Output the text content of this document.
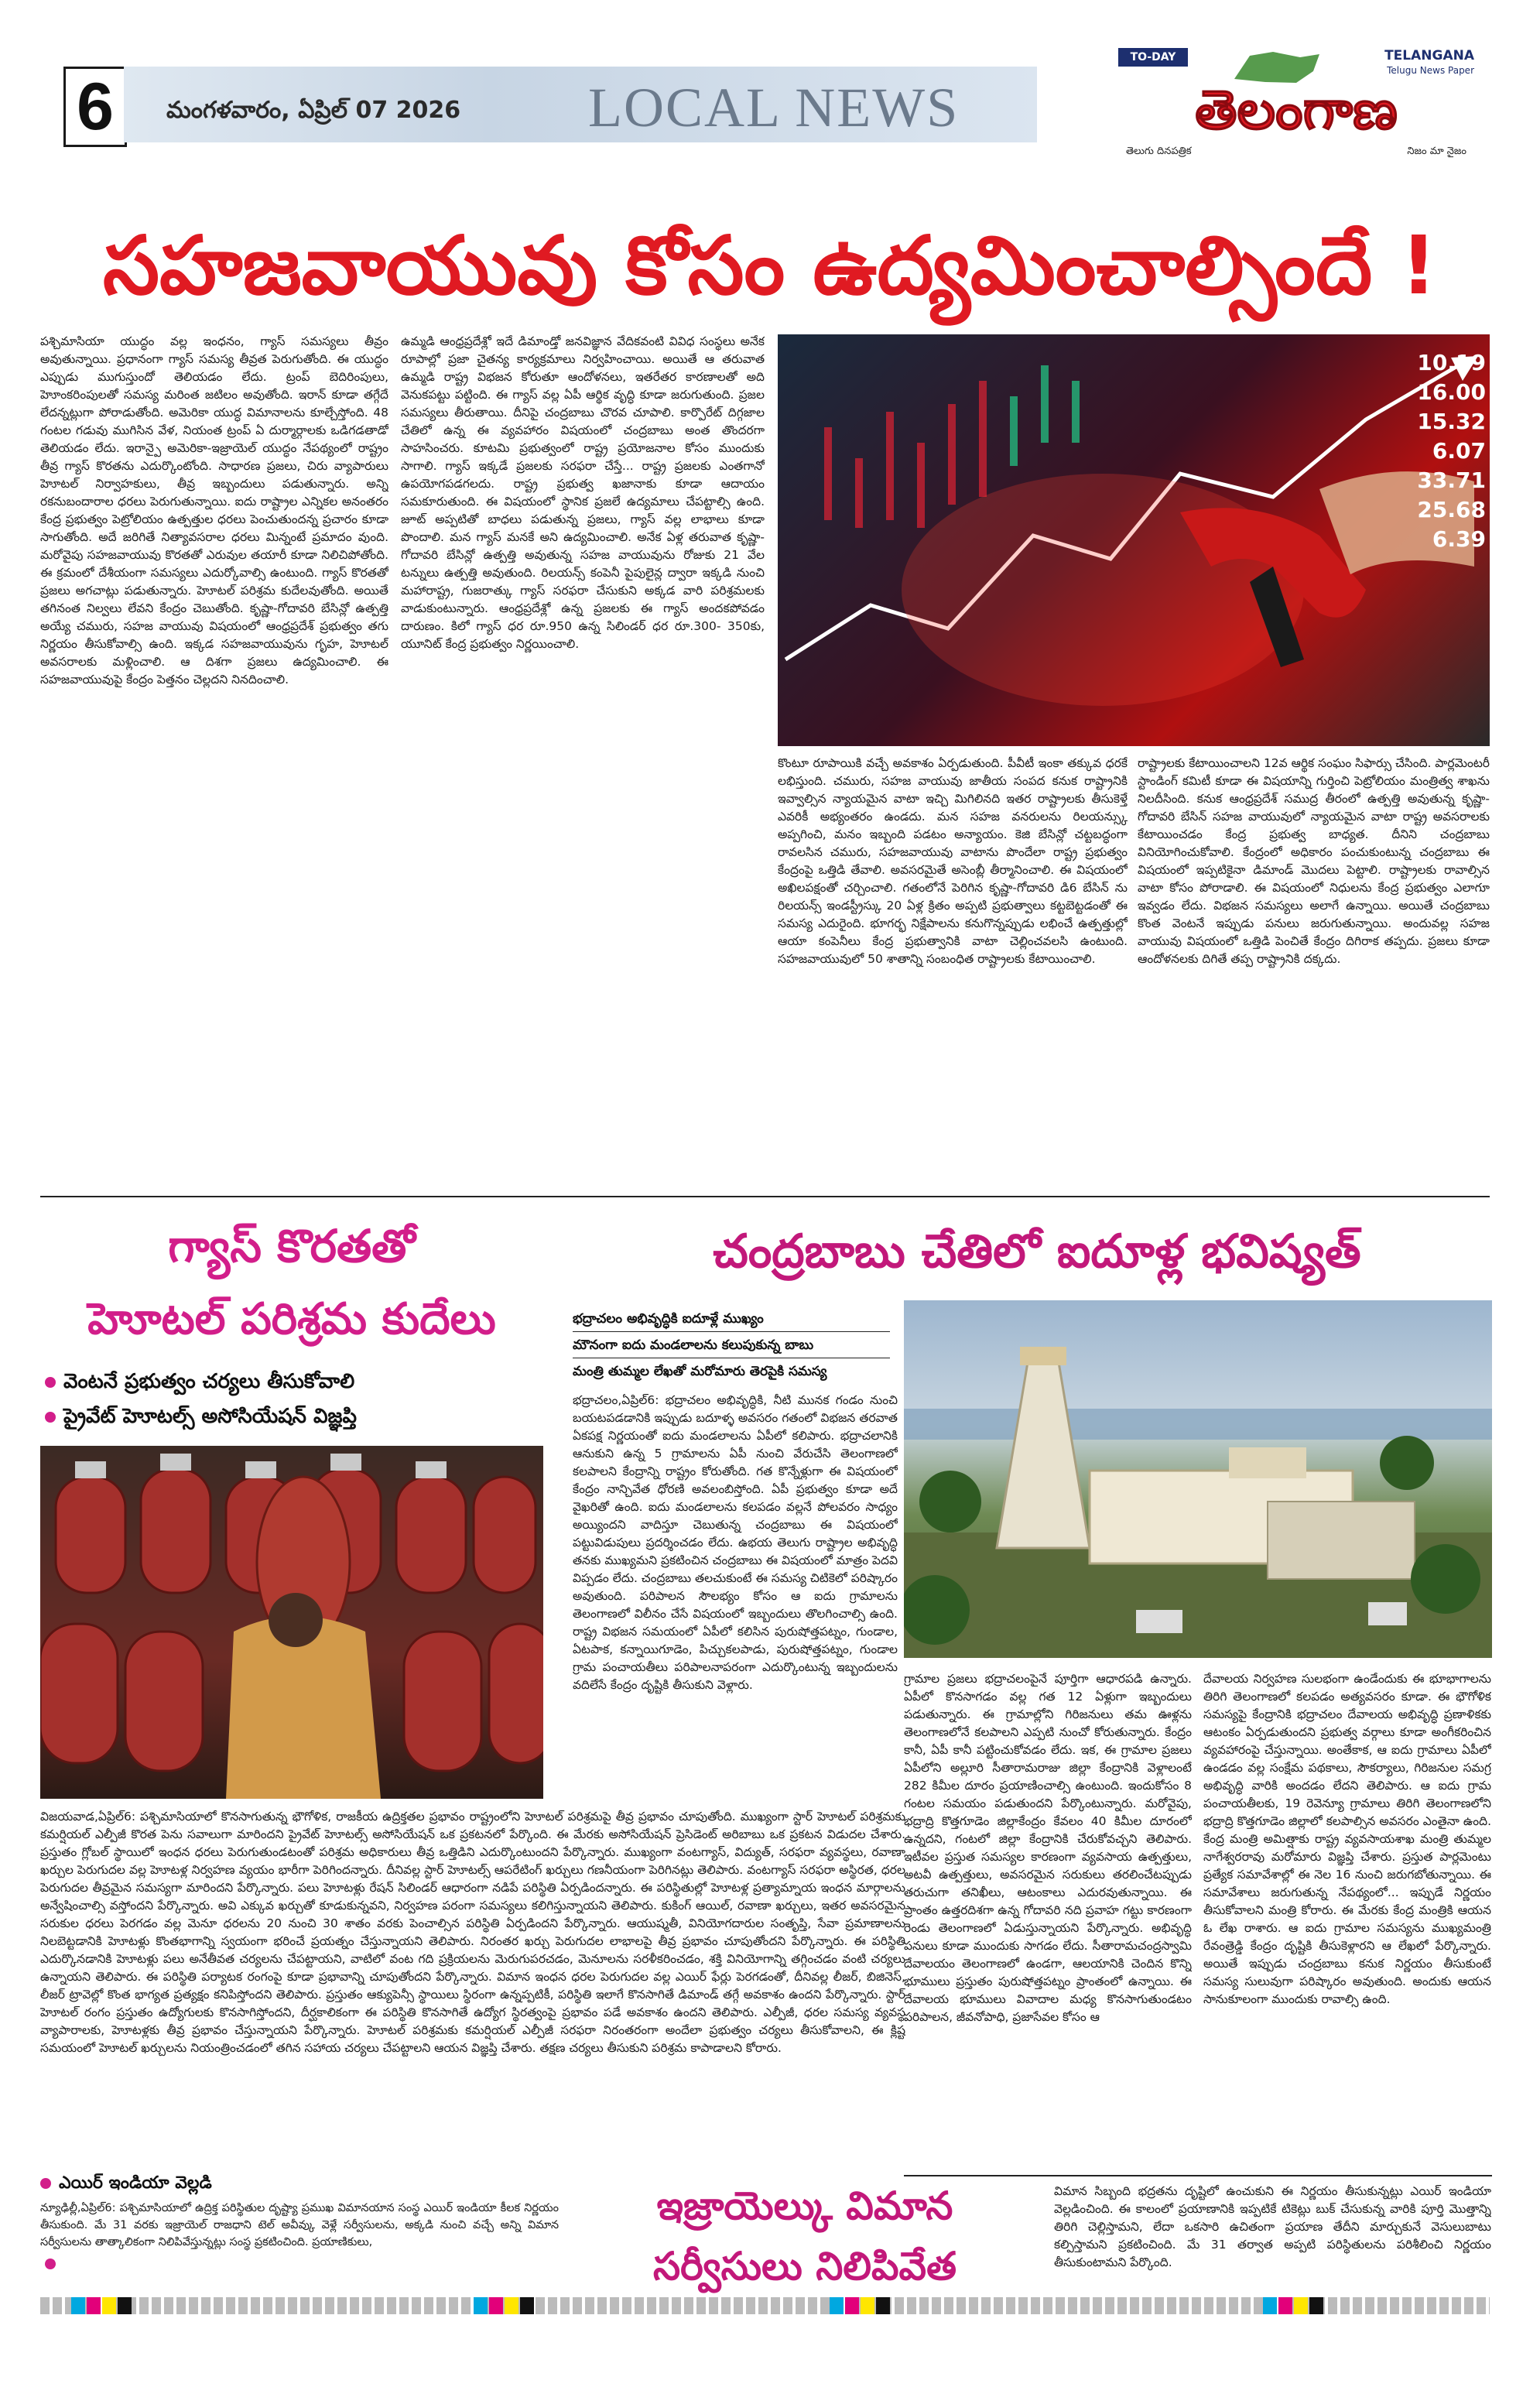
6	మంగళవారం, ఏప్రిల్ 07 2026 LOCAL NEWS
TO-DAY	TELANGANA
Telugu News Paper
తెలంగాణ
తెలుగు దినపత్రిక	నిజం మా నైజం
సహజవాయువు కోసం ఉద్యమించాల్సిందే !

పశ్చిమాసియా యుద్ధం వల్ల ఇంధనం, గ్యాస్ సమస్యలు తీవ్రం అవుతున్నాయి. ప్రధానంగా గ్యాస్ సమస్య తీవ్రత పెరుగుతోంది. ఈ యుద్ధం ఎప్పుడు ముగుస్తుందో తెలియడం లేదు. ట్రంప్ బెదిరింపులు, హెూంకరింపులతో సమస్య మరింత జటిలం అవుతోంది. ఇరాన్ కూడా తగ్గేదే లేదన్నట్లుగా పోరాడుతోంది. అమెరికా యుద్ధ విమానాలను కూల్చేస్తోంది. 48 గంటల గడువు ముగిసిన వేళ, నియంత ట్రంప్ ఏ దుర్మార్గాలకు ఒడిగడతాడో తెలియడం లేదు. ఇరాన్పై అమెరికా-ఇజ్రాయెల్ యుద్ధం నేపథ్యంలో రాష్ట్రం తీవ్ర గ్యాస్ కొరతను ఎదుర్కొంటోంది. సాధారణ ప్రజలు, చిరు వ్యాపారులు హెూటల్ నిర్వాహకులు, తీవ్ర ఇబ్బందులు పడుతున్నారు. అన్ని రకనుబందారాల ధరలు పెరుగుతున్నాయి. ఐదు రాష్ట్రాల ఎన్నికల అనంతరం కేంద్ర ప్రభుత్వం పెట్రోలియం ఉత్పత్తుల ధరలు పెంచుతుందన్న ప్రచారం కూడా సాగుతోంది. అదే జరిగితే నిత్యావసరాల ధరలు మిన్నంటే ప్రమాదం వుంది. మరోవైపు సహజవాయువు కొరతతో ఎరువుల తయారీ కూడా నిలిచిపోతోంది. ఈ క్రమంలో దేశీయంగా సమస్యలు ఎదుర్కోవాల్సి ఉంటుంది. గ్యాస్ కొరతతో ప్రజలు అగచాట్లు పడుతున్నారు. హెూటల్ పరిశ్రమ కుదేలవుతోంది. అయితే తగినంత నిల్వలు లేవని కేంద్రం చెబుతోంది. కృష్ణా-గోదావరి బేసిన్లో ఉత్పత్తి అయ్యే చమురు, సహజ వాయువు విషయంలో ఆంధ్రప్రదేశ్ ప్రభుత్వం తగు నిర్ణయం తీసుకోవాల్సి ఉంది. ఇక్కడ సహజవాయువును గృహ, హెూటల్ అవసరాలకు మళ్లించాలి. ఆ దిశగా ప్రజలు ఉద్యమించాలి. ఈ సహజవాయువుపై కేంద్రం పెత్తనం చెల్లదని నినదించాలి.

ఉమ్మడి ఆంధ్రప్రదేశ్లో ఇదే డిమాండ్తో జనవిజ్ఞాన వేదికవంటి వివిధ సంస్థలు అనేక రూపాల్లో ప్రజా చైతన్య కార్యక్రమాలు నిర్వహించాయి. అయితే ఆ తరువాత ఉమ్మడి రాష్ట్ర విభజన కోరుతూ ఆందోళనలు, ఇతరేతర కారణాలతో అది వెనుకపట్టు పట్టింది. ఈ గ్యాస్ వల్ల ఏపీ ఆర్థిక వృద్ధి కూడా జరుగుతుంది. ప్రజల సమస్యలు తీరుతాయి. దీనిపై చంద్రబాబు చొరవ చూపాలి. కార్పొరేట్ దిగ్గజాల చేతిలో ఉన్న ఈ వ్యవహారం విషయంలో చంద్రబాబు అంత తొందరగా సాహసించరు. కూటమి ప్రభుత్వంలో రాష్ట్ర ప్రయోజనాల కోసం ముందుకు సాగాలి. గ్యాస్ ఇక్కడే ప్రజలకు సరఫరా చేస్తే... రాష్ట్ర ప్రజలకు ఎంతగానో ఉపయోగపడగలదు. రాష్ట్ర ప్రభుత్వ ఖజానాకు కూడా ఆదాయం సమకూరుతుంది. ఈ విషయంలో స్థానిక ప్రజలే ఉద్యమాలు చేపట్టాల్సి ఉంది. జూట్ అప్పటితో బాధలు పడుతున్న ప్రజలు, గ్యాస్ వల్ల లాభాలు కూడా పొందాలి. మన గ్యాస్ మనకే అని ఉద్యమించాలి. అనేక ఏళ్ల తరువాత కృష్ణా-గోదావరి బేసిన్లో ఉత్పత్తి అవుతున్న సహజ వాయువును రోజుకు 21 వేల టన్నులు ఉత్పత్తి అవుతుంది. రిలయన్స్ కంపెనీ పైపులైన్ల ద్వారా ఇక్కడి నుంచి మహారాష్ట్ర, గుజరాత్కు గ్యాస్ సరఫరా చేసుకుని అక్కడ వారి పరిశ్రమలకు వాడుకుంటున్నారు. ఆంధ్రప్రదేశ్లో ఉన్న ప్రజలకు ఈ గ్యాస్ అందకపోవడం దారుణం. కిలో గ్యాస్ ధర రూ.950 ఉన్న సిలిండర్ ధర రూ.300- 350కు, యూనిట్ కేంద్ర ప్రభుత్వం నిర్ణయించాలి.

10.19
16.00
15.32
6.07
33.71
25.68
6.39

కొంటూ రూపాయికి వచ్చే అవకాశం ఏర్పడుతుంది. పీవీటీ ఇంకా తక్కువ ధరకే లభిస్తుంది. చమురు, సహజ వాయువు జాతీయ సంపద కనుక రాష్ట్రానికి ఇవ్వాల్సిన న్యాయమైన వాటా ఇచ్చి మిగిలినది ఇతర రాష్ట్రాలకు తీసుకెళ్తే ఎవరికీ అభ్యంతరం ఉండదు. మన సహజ వనరులను రిలయన్స్కు అప్పగించి, మనం ఇబ్బంది పడటం అన్యాయం. కెజి బేసిన్లో చట్టబద్ధంగా రావలసిన చమురు, సహజవాయువు వాటాను పొందేలా రాష్ట్ర ప్రభుత్వం కేంద్రంపై ఒత్తిడి తేవాలి. అవసరమైతే అసెంబ్లీ తీర్మానించాలి. ఈ విషయంలో అఖిలపక్షంతో చర్చించాలి. గతంలోనే పెరిగిన కృష్ణా-గోదావరి డి6 బేసిన్ ను రిలయన్స్ ఇండస్ట్రీస్కు 20 ఏళ్ల క్రితం అప్పటి ప్రభుత్వాలు కట్టబెట్టడంతో ఈ సమస్య ఎదురైంది. భూగర్భ నిక్షేపాలను కనుగొన్నప్పుడు లభించే ఉత్పత్తుల్లో ఆయా కంపెనీలు కేంద్ర ప్రభుత్వానికి వాటా చెల్లించవలసి ఉంటుంది. సహజవాయువులో 50 శాతాన్ని సంబంధిత రాష్ట్రాలకు కేటాయించాలి.

రాష్ట్రాలకు కేటాయించాలని 12వ ఆర్థిక సంఘం సిఫార్సు చేసింది. పార్లమెంటరీ స్టాండింగ్ కమిటీ కూడా ఈ విషయాన్ని గుర్తించి పెట్రోలియం మంత్రిత్వ శాఖను నిలదీసింది. కనుక ఆంధ్రప్రదేశ్ సముద్ర తీరంలో ఉత్పత్తి అవుతున్న కృష్ణా-గోదావరి బేసిన్ సహజ వాయువులో న్యాయమైన వాటా రాష్ట్ర అవసరాలకు కేటాయించడం కేంద్ర ప్రభుత్వ బాధ్యత. దీనిని చంద్రబాబు వినియోగించుకోవాలి. కేంద్రంలో అధికారం పంచుకుంటున్న చంద్రబాబు ఈ విషయంలో ఇప్పటికైనా డిమాండ్ మొదలు పెట్టాలి. రాష్ట్రాలకు రావాల్సిన వాటా కోసం పోరాడాలి. ఈ విషయంలో నిధులను కేంద్ర ప్రభుత్వం ఎలాగూ ఇవ్వడం లేదు. విభజన సమస్యలు అలాగే ఉన్నాయి. అయితే చంద్రబాబు కొంత వెంటనే ఇప్పుడు పనులు జరుగుతున్నాయి. అందువల్ల సహజ వాయువు విషయంలో ఒత్తిడి పెంచితే కేంద్రం దిగిరాక తప్పదు. ప్రజలు కూడా ఆందోళనలకు దిగితే తప్ప రాష్ట్రానికి దక్కదు.

గ్యాస్ కొరతతో
హెూటల్ పరిశ్రమ కుదేలు
వెంటనే ప్రభుత్వం చర్యలు తీసుకోవాలి
ప్రైవేట్ హెూటల్స్ అసోసియేషన్ విజ్ఞప్తి

విజయవాడ,ఏప్రిల్6: పశ్చిమాసియాలో కొనసాగుతున్న భౌగోళిక, రాజకీయ ఉద్రిక్తతల ప్రభావం రాష్ట్రంలోని హెూటల్ పరిశ్రమపై తీవ్ర ప్రభావం చూపుతోంది. ముఖ్యంగా స్టార్ హెూటల్ పరిశ్రమకు కమర్షియల్ ఎల్పీజీ కొరత పెను సవాలుగా మారిందని ప్రైవేట్ హెూటల్స్ అసోసియేషన్ ఒక ప్రకటనలో పేర్కొంది. ఈ మేరకు అసోసియేషన్ ప్రెసిడెంట్ అరిబాబు ఒక ప్రకటన విడుదల చేశారు. ప్రస్తుతం గ్లోబల్ స్థాయిలో ఇంధన ధరలు పెరుగుతుండటంతో పరిశ్రమ అధికారులు తీవ్ర ఒత్తిడిని ఎదుర్కొంటుందని పేర్కొన్నారు. ముఖ్యంగా వంటగ్యాస్, విద్యుత్, సరఫరా వ్యవస్థలు, రవాణా ఖర్చుల పెరుగుదల వల్ల హెూటళ్ల నిర్వహణ వ్యయం భారీగా పెరిగిందన్నారు. దీనివల్ల స్టార్ హెూటల్స్ ఆపరేటింగ్ ఖర్చులు గణనీయంగా పెరిగినట్లు తెలిపారు. వంటగ్యాస్ సరఫరా అస్థిరత, ధరల పెరుగుదల తీవ్రమైన సమస్యగా మారిందని పేర్కొన్నారు. పలు హెూటళ్లు రేషన్ సిలిండర్ ఆధారంగా నడిపే పరిస్థితి ఏర్పడిందన్నారు. ఈ పరిస్థితుల్లో హెూటళ్ల ప్రత్యామ్నాయ ఇంధన మార్గాలను అన్వేషించాల్సి వస్తోందని పేర్కొన్నారు. అవి ఎక్కువ ఖర్చుతో కూడుకున్నవని, నిర్వహణ పరంగా సమస్యలు కలిగిస్తున్నాయని తెలిపారు. కుకింగ్ ఆయిల్, రవాణా ఖర్చులు, ఇతర అవసరమైన సరుకుల ధరలు పెరగడం వల్ల మెనూ ధరలను 20 నుంచి 30 శాతం వరకు పెంచాల్సిన పరిస్థితి ఏర్పడిందని పేర్కొన్నారు. ఆయుష్మతీ, వినియోగదారుల సంతృప్తి, సేవా ప్రమాణాలను నిలబెట్టడానికి హెూటళ్లు కొంతభాగాన్ని స్వయంగా భరించే ప్రయత్నం చేస్తున్నాయని తెలిపారు. నిరంతర ఖర్చు పెరుగుదల లాభాలపై తీవ్ర ప్రభావం చూపుతోందని పేర్కొన్నారు. ఈ పరిస్థితి ఎదుర్కొనడానికి హెూటళ్లు పలు అనేతీవత చర్యలను చేపట్టాయని, వాటిలో వంట గది ప్రక్రియలను మెరుగుపరచడం, మెనూలను సరళీకరించడం, శక్తి వినియోగాన్ని తగ్గించడం వంటి చర్యలు ఉన్నాయని తెలిపారు. ఈ పరిస్థితి పర్యాటక రంగంపై కూడా ప్రభావాన్ని చూపుతోందని పేర్కొన్నారు. విమాన ఇంధన ధరల పెరుగుదల వల్ల ఎయిర్ ఫేర్లు పెరగడంతో, దీనివల్ల లీజర్, బిజినెస్, లీజర్ ట్రావెల్లో కొంత భాగ్యత ప్రత్యక్షం కనిపిస్తోందని తెలిపారు. ప్రస్తుతం ఆక్యుపెన్సీ స్థాయిలు స్థిరంగా ఉన్నప్పటికీ, పరిస్థితి ఇలాగే కొనసాగితే డిమాండ్ తగ్గే అవకాశం ఉందని పేర్కొన్నారు. స్టార్ హెూటల్ రంగం ప్రస్తుతం ఉద్యోగులకు కొనసాగిస్తోందని, దీర్ఘకాలికంగా ఈ పరిస్థితి కొనసాగితే ఉద్యోగ స్థిరత్వంపై ప్రభావం పడే అవకాశం ఉందని తెలిపారు. ఎల్పీజీ, ధరల సమస్య వ్యవస్థ వ్యాపారాలకు, హెూటళ్లకు తీవ్ర ప్రభావం చేస్తున్నాయని పేర్కొన్నారు. హెూటల్ పరిశ్రమకు కమర్షియల్ ఎల్పీజీ సరఫరా నిరంతరంగా అందేలా ప్రభుత్వం చర్యలు తీసుకోవాలని, ఈ క్లిష్ట సమయంలో హెూటల్ ఖర్చులను నియంత్రించడంలో తగిన సహాయ చర్యలు చేపట్టాలని ఆయన విజ్ఞప్తి చేశారు. తక్షణ చర్యలు తీసుకుని పరిశ్రమ కాపాడాలని కోరారు.

చంద్రబాబు చేతిలో ఐదూళ్ల భవిష్యత్
భద్రాచలం అభివృద్ధికి ఐదూళ్లే ముఖ్యం
మౌనంగా ఐదు మండలాలను కలుపుకున్న బాబు
మంత్రి తుమ్మల లేఖతో మరోమారు తెరపైకి సమస్య

భద్రాచలం,ఏప్రిల్6: భద్రాచలం అభివృద్ధికి, నీటి మునక గండం నుంచి బయటపడడానికి ఇప్పుడు బదూళ్ళ అవసరం గతంలో విభజన తరవాత ఏకపక్ష నిర్ణయంతో ఐదు మండలాలను ఏపీలో కలిపారు. భద్రాచలానికి ఆనుకుని ఉన్న 5 గ్రామాలను ఏపీ నుంచి వేరుచేసి తెలంగాణలో కలపాలని కేంద్రాన్ని రాష్ట్రం కోరుతోంది. గత కొన్నేళ్లుగా ఈ విషయంలో కేంద్రం నాన్చివేత ధోరణి అవలంబిస్తోంది. ఏపీ ప్రభుత్వం కూడా అదే వైఖరితో ఉంది. ఐదు మండలాలను కలపడం వల్లనే పోలవరం సాధ్యం అయ్యిందని వాదిస్తూ చెబుతున్న చంద్రబాబు ఈ విషయంలో పట్టువిడుపులు ప్రదర్శించడం లేదు. ఉభయ తెలుగు రాష్ట్రాల అభివృద్ధి తనకు ముఖ్యమని ప్రకటించిన చంద్రబాబు ఈ విషయంలో మాత్రం పెదవి విప్పడం లేదు. చంద్రబాబు తలచుకుంటే ఈ సమస్య చిటికెలో పరిష్కారం అవుతుంది. పరిపాలన సౌలభ్యం కోసం ఆ ఐదు గ్రామాలను తెలంగాణలో విలీనం చేసే విషయంలో ఇబ్బందులు తొలగించాల్సి ఉంది. రాష్ట్ర విభజన సమయంలో ఏపీలో కలిసిన పురుషోత్తపట్నం, గుండాల, ఏటపాక, కన్నాయిగూడెం, పిచ్చుకలపాడు, పురుషోత్తపట్నం, గుండాల గ్రామ పంచాయతీలు పరిపాలనాపరంగా ఎదుర్కొంటున్న ఇబ్బందులను వదిలేసే కేంద్రం దృష్టికి తీసుకుని వెళ్లారు.	గ్రామాల ప్రజలు భద్రాచలంపైనే పూర్తిగా ఆధారపడి ఉన్నారు. ఏపీలో కొనసాగడం వల్ల గత 12 ఏళ్లుగా ఇబ్బందులు పడుతున్నారు. ఈ గ్రామాల్లోని గిరిజనులు తమ ఊళ్లను తెలంగాణలోనే కలపాలని ఎప్పటి నుంచో కోరుతున్నారు. కేంద్రం కానీ, ఏపీ కానీ పట్టించుకోవడం లేదు. ఇక, ఈ గ్రామాల ప్రజలు ఏపీలోని అల్లూరి సీతారామరాజు జిల్లా కేంద్రానికి వెళ్లాలంటే 282 కిమీల దూరం ప్రయాణించాల్సి ఉంటుంది. ఇందుకోసం 8 గంటల సమయం పడుతుందని పేర్కొంటున్నారు. మరోవైపు, భద్రాద్రి కొత్తగూడెం జిల్లాకేంద్రం కేవలం 40 కిమీల దూరంలో ఉన్నదని, గంటలో జిల్లా కేంద్రానికి చేరుకోవచ్చని తెలిపారు. ఇటీవల ప్రస్తుత సమస్యల కారణంగా వ్యవసాయ ఉత్పత్తులు, అటవీ ఉత్పత్తులు, అవసరమైన సరుకులు తరలించేటప్పుడు తరుచుగా తనిఖీలు, ఆటంకాలు ఎదురవుతున్నాయి. ఈ ప్రాంతం ఉత్తరదిశగా ఉన్న గోదావరి నది ప్రవాహ గట్టు కారణంగా రెండు తెలంగాణలో ఏడుస్తున్నాయని పేర్కొన్నారు. అభివృద్ధి పనులు కూడా ముందుకు సాగడం లేదు. సీతారామచంద్రస్వామి దేవాలయం తెలంగాణలో ఉండగా, ఆలయానికి చెందిన కొన్ని భూములు ప్రస్తుతం పురుషోత్తపట్నం ప్రాంతంలో ఉన్నాయి. ఈ దేవాలయ భూములు వివాదాల మధ్య కొనసాగుతుండటం పరిపాలన, జీవనోపాధి, ప్రజాసేవల కోసం ఆ

దేవాలయ నిర్వహణ సులభంగా ఉండేందుకు ఈ భూభాగాలను తిరిగి తెలంగాణలో కలపడం అత్యవసరం కూడా. ఈ భౌగోళిక సమస్యపై కేంద్రానికి భద్రాచలం దేవాలయ అభివృద్ధి ప్రణాళికకు ఆటంకం ఏర్పడుతుందని ప్రభుత్వ వర్గాలు కూడా అంగీకరించిన వ్యవహారంపై చేస్తున్నాయి. అంతేకాక, ఆ ఐదు గ్రామాలు ఏపీలో ఉండడం వల్ల సంక్షేమ పథకాలు, సౌకర్యాలు, గిరిజనుల సమగ్ర అభివృద్ధి వారికి అందడం లేదని తెలిపారు. ఆ ఐదు గ్రామ పంచాయతీలకు, 19 రెవెన్యూ గ్రామాలు తిరిగి తెలంగాణలోని భద్రాద్రి కొత్తగూడెం జిల్లాలో కలపాల్సిన అవసరం ఎంతైనా ఉంది. కేంద్ర మంత్రి అమిత్షాకు రాష్ట్ర వ్యవసాయశాఖ మంత్రి తుమ్మల నాగేశ్వరరావు మరోమారు విజ్ఞప్తి చేశారు. ప్రస్తుత పార్లమెంటు ప్రత్యేక సమావేశాల్లో ఈ నెల 16 నుంచి జరుగబోతున్నాయి. ఈ సమావేశాలు జరుగుతున్న నేపథ్యంలో... ఇప్పుడే నిర్ణయం తీసుకోవాలని మంత్రి కోరారు. ఈ మేరకు కేంద్ర మంత్రికి ఆయన ఓ లేఖ రాశారు. ఆ ఐదు గ్రామాల సమస్యను ముఖ్యమంత్రి రేవంత్రెడ్డి కేంద్రం దృష్టికి తీసుకెళ్లారని ఆ లేఖలో పేర్కొన్నారు. అయితే ఇప్పుడు చంద్రబాబు కనుక నిర్ణయం తీసుకుంటే సమస్య సులువుగా పరిష్కారం అవుతుంది. అందుకు ఆయన సానుకూలంగా ముందుకు రావాల్సి ఉంది.

ఇజ్రాయెల్కు విమాన
సర్వీసులు నిలిపివేత

విమాన సిబ్బంది భద్రతను దృష్టిలో ఉంచుకుని ఈ నిర్ణయం తీసుకున్నట్లు ఎయిర్ ఇండియా వెల్లడించింది. ఈ కాలంలో ప్రయాణానికి ఇప్పటికే టికెట్లు బుక్ చేసుకున్న వారికి పూర్తి మొత్తాన్ని తిరిగి చెల్లిస్తామని, లేదా ఒకసారి ఉచితంగా ప్రయాణ తేదీని మార్చుకునే వెసులుబాటు కల్పిస్తామని ప్రకటించింది. మే 31 తర్వాత అప్పటి పరిస్థితులను పరిశీలించి నిర్ణయం తీసుకుంటామని పేర్కొంది.

ఎయిర్ ఇండియా వెల్లడి

న్యూఢిల్లీ,ఏప్రిల్6: పశ్చిమాసియాలో ఉద్రిక్త పరిస్థితుల దృష్ట్యా ప్రముఖ విమానయాన సంస్థ ఎయిర్ ఇండియా కీలక నిర్ణయం తీసుకుంది. మే 31 వరకు ఇజ్రాయెల్ రాజధాని టెల్ అవీవ్కు వెళ్లే సర్వీసులను, అక్కడి నుంచి వచ్చే అన్ని విమాన సర్వీసులను తాత్కాలికంగా నిలిపివేస్తున్నట్లు సంస్థ ప్రకటించింది. ప్రయాణికులు,
